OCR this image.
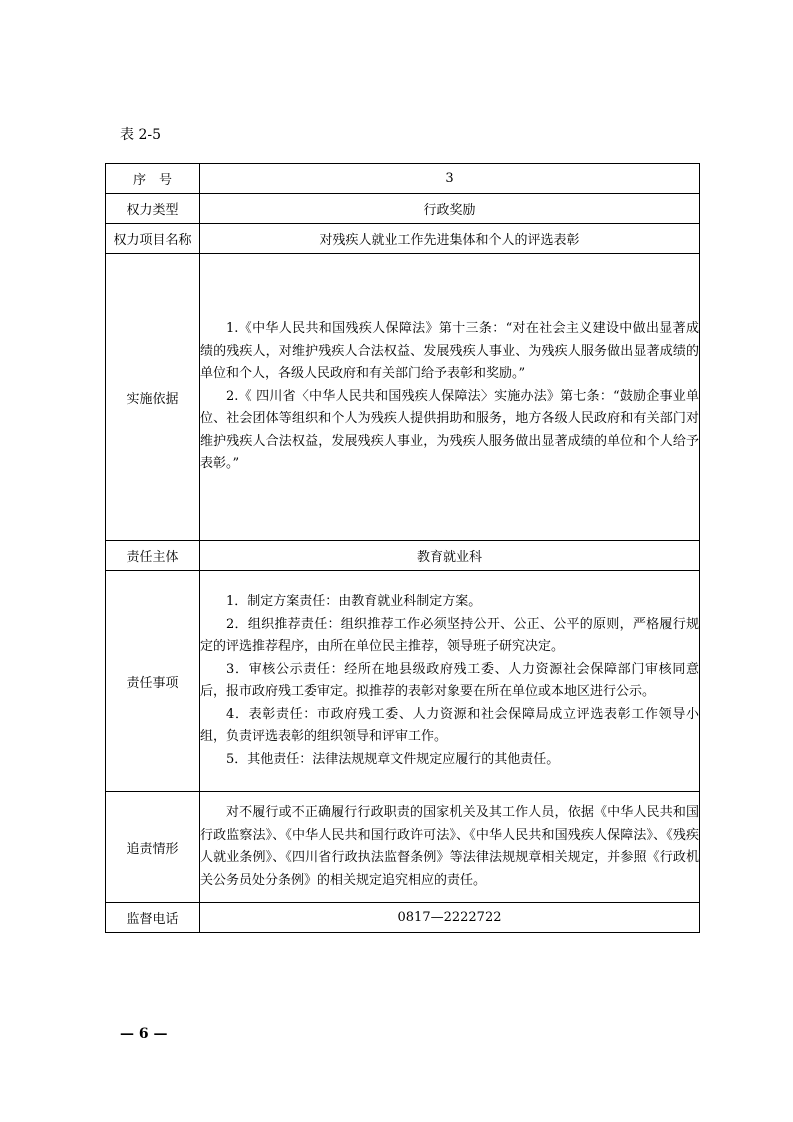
表 2-5
序　号	3
权力类型	行政奖励
权力项目名称	对残疾人就业工作先进集体和个人的评选表彰
实施依据	1.《中华人民共和国残疾人保障法》第十三条：“对在社会主义建设中做出显著成绩的残疾人，对维护残疾人合法权益、发展残疾人事业、为残疾人服务做出显著成绩的单位和个人，各级人民政府和有关部门给予表彰和奖励。”

2.《 四川省〈中华人民共和国残疾人保障法〉实施办法》第七条：“鼓励企事业单位、社会团体等组织和个人为残疾人提供捐助和服务，地方各级人民政府和有关部门对维护残疾人合法权益，发展残疾人事业，为残疾人服务做出显著成绩的单位和个人给予表彰。”

责任主体	教育就业科
责任事项	1．制定方案责任：由教育就业科制定方案。

2．组织推荐责任：组织推荐工作必须坚持公开、公正、公平的原则，严格履行规定的评选推荐程序，由所在单位民主推荐，领导班子研究决定。

3．审核公示责任：经所在地县级政府残工委、人力资源社会保障部门审核同意后，报市政府残工委审定。拟推荐的表彰对象要在所在单位或本地区进行公示。

4．表彰责任：市政府残工委、人力资源和社会保障局成立评选表彰工作领导小组，负责评选表彰的组织领导和评审工作。

5．其他责任：法律法规规章文件规定应履行的其他责任。

追责情形	对不履行或不正确履行行政职责的国家机关及其工作人员，依据《中华人民共和国行政监察法》、《中华人民共和国行政许可法》、《中华人民共和国残疾人保障法》、《残疾人就业条例》、《四川省行政执法监督条例》等法律法规规章相关规定，并参照《行政机关公务员处分条例》的相关规定追究相应的责任。

监督电话	0817—2222722
— 6 —
